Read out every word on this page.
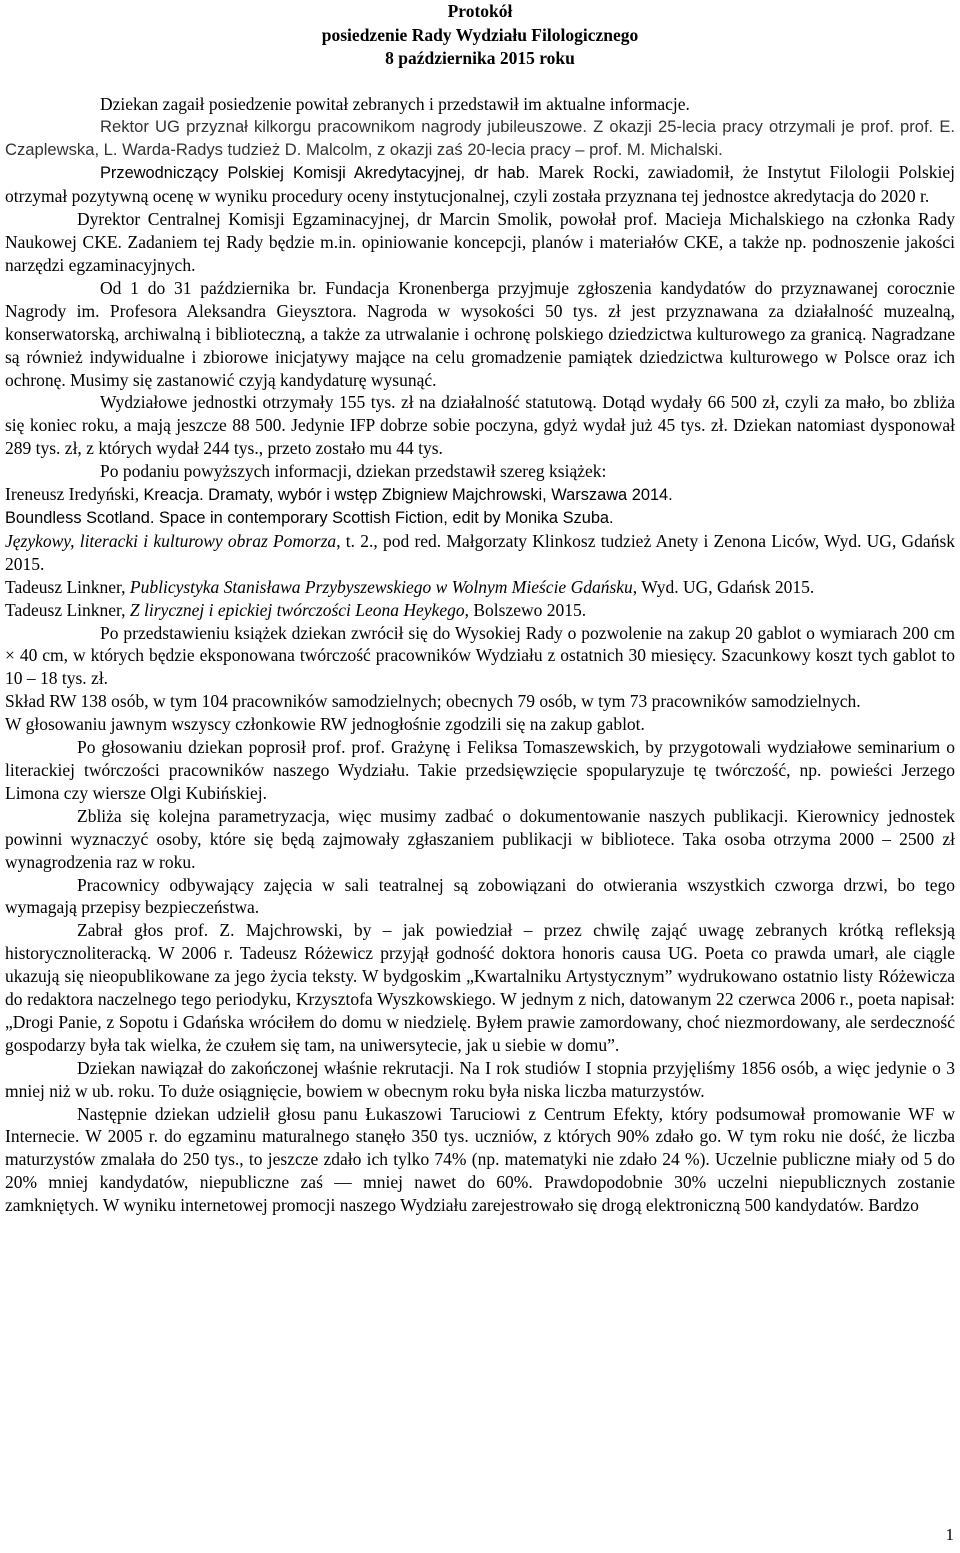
Protokół
posiedzenie Rady Wydziału Filologicznego
8 października 2015 roku

Dziekan zagaił posiedzenie powitał zebranych i przedstawił im aktualne informacje.

Rektor UG przyznał kilkorgu pracownikom nagrody jubileuszowe. Z okazji 25-lecia pracy otrzymali je prof. prof. E. Czaplewska, L. Warda-Radys tudzież D. Malcolm, z okazji zaś 20-lecia pracy – prof. M. Michalski.

Przewodniczący Polskiej Komisji Akredytacyjnej, dr hab. Marek Rocki, zawiadomił, że Instytut Filologii Polskiej otrzymał pozytywną ocenę w wyniku procedury oceny instytucjonalnej, czyli została przyznana tej jednostce akredytacja do 2020 r.

Dyrektor Centralnej Komisji Egzaminacyjnej, dr Marcin Smolik, powołał prof. Macieja Michalskiego na członka Rady Naukowej CKE. Zadaniem tej Rady będzie m.in. opiniowanie koncepcji, planów i materiałów CKE, a także np. podnoszenie jakości narzędzi egzaminacyjnych.

Od 1 do 31 października br. Fundacja Kronenberga przyjmuje zgłoszenia kandydatów do przyznawanej corocznie Nagrody im. Profesora Aleksandra Gieysztora. Nagroda w wysokości 50 tys. zł jest przyznawana za działalność muzealną, konserwatorską, archiwalną i biblioteczną, a także za utrwalanie i ochronę polskiego dziedzictwa kulturowego za granicą. Nagradzane są również indywidualne i zbiorowe inicjatywy mające na celu gromadzenie pamiątek dziedzictwa kulturowego w Polsce oraz ich ochronę. Musimy się zastanowić czyją kandydaturę wysunąć.

Wydziałowe jednostki otrzymały 155 tys. zł na działalność statutową. Dotąd wydały 66 500 zł, czyli za mało, bo zbliża się koniec roku, a mają jeszcze 88 500. Jedynie IFP dobrze sobie poczyna, gdyż wydał już 45 tys. zł. Dziekan natomiast dysponował 289 tys. zł, z których wydał 244 tys., przeto zostało mu 44 tys.

Po podaniu powyższych informacji, dziekan przedstawił szereg książek:

Ireneusz Iredyński, Kreacja. Dramaty, wybór i wstęp Zbigniew Majchrowski, Warszawa 2014.

Boundless Scotland. Space in contemporary Scottish Fiction, edit by Monika Szuba.

Językowy, literacki i kulturowy obraz Pomorza, t. 2., pod red. Małgorzaty Klinkosz tudzież Anety i Zenona Liców, Wyd. UG, Gdańsk 2015.

Tadeusz Linkner, Publicystyka Stanisława Przybyszewskiego w Wolnym Mieście Gdańsku, Wyd. UG, Gdańsk 2015.

Tadeusz Linkner, Z lirycznej i epickiej twórczości Leona Heykego, Bolszewo 2015.

Po przedstawieniu książek dziekan zwrócił się do Wysokiej Rady o pozwolenie na zakup 20 gablot o wymiarach 200 cm × 40 cm, w których będzie eksponowana twórczość pracowników Wydziału z ostatnich 30 miesięcy. Szacunkowy koszt tych gablot to 10 – 18 tys. zł.

Skład RW 138 osób, w tym 104 pracowników samodzielnych; obecnych 79 osób, w tym 73 pracowników samodzielnych.

W głosowaniu jawnym wszyscy członkowie RW jednogłośnie zgodzili się na zakup gablot.

Po głosowaniu dziekan poprosił prof. prof. Grażynę i Feliksa Tomaszewskich, by przygotowali wydziałowe seminarium o literackiej twórczości pracowników naszego Wydziału. Takie przedsięwzięcie spopularyzuje tę twórczość, np. powieści Jerzego Limona czy wiersze Olgi Kubińskiej.

Zbliża się kolejna parametryzacja, więc musimy zadbać o dokumentowanie naszych publikacji. Kierownicy jednostek powinni wyznaczyć osoby, które się będą zajmowały zgłaszaniem publikacji w bibliotece. Taka osoba otrzyma 2000 – 2500 zł wynagrodzenia raz w roku.

Pracownicy odbywający zajęcia w sali teatralnej są zobowiązani do otwierania wszystkich czworga drzwi, bo tego wymagają przepisy bezpieczeństwa.

Zabrał głos prof. Z. Majchrowski, by – jak powiedział – przez chwilę zająć uwagę zebranych krótką refleksją historycznoliteracką. W 2006 r. Tadeusz Różewicz przyjął godność doktora honoris causa UG. Poeta co prawda umarł, ale ciągle ukazują się nieopublikowane za jego życia teksty. W bydgoskim „Kwartalniku Artystycznym” wydrukowano ostatnio listy Różewicza do redaktora naczelnego tego periodyku, Krzysztofa Wyszkowskiego. W jednym z nich, datowanym 22 czerwca 2006 r., poeta napisał: „Drogi Panie, z Sopotu i Gdańska wróciłem do domu w niedzielę. Byłem prawie zamordowany, choć niezmordowany, ale serdeczność gospodarzy była tak wielka, że czułem się tam, na uniwersytecie, jak u siebie w domu”.

Dziekan nawiązał do zakończonej właśnie rekrutacji. Na I rok studiów I stopnia przyjęliśmy 1856 osób, a więc jedynie o 3 mniej niż w ub. roku. To duże osiągnięcie, bowiem w obecnym roku była niska liczba maturzystów.

Następnie dziekan udzielił głosu panu Łukaszowi Taruciowi z Centrum Efekty, który podsumował promowanie WF w Internecie. W 2005 r. do egzaminu maturalnego stanęło 350 tys. uczniów, z których 90% zdało go. W tym roku nie dość, że liczba maturzystów zmalała do 250 tys., to jeszcze zdało ich tylko 74% (np. matematyki nie zdało 24 %). Uczelnie publiczne miały od 5 do 20% mniej kandydatów, niepubliczne zaś — mniej nawet do 60%. Prawdopodobnie 30% uczelni niepublicznych zostanie zamkniętych. W wyniku internetowej promocji naszego Wydziału zarejestrowało się drogą elektroniczną 500 kandydatów. Bardzo

1
